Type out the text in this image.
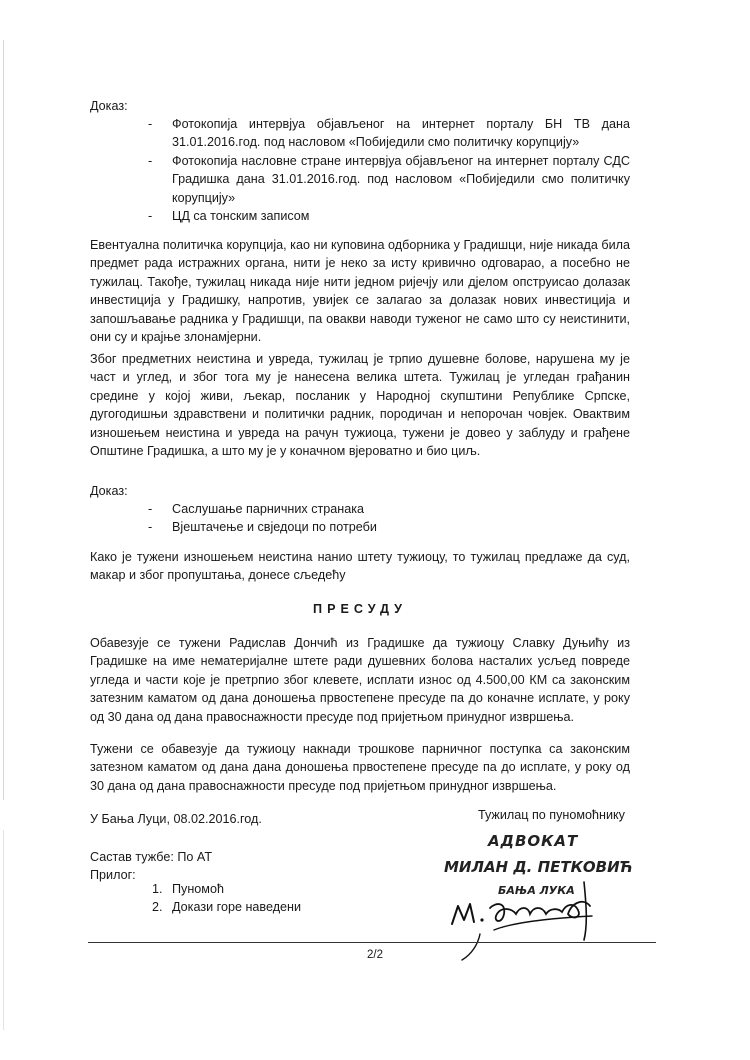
Доказ:
- Фотокопија интервјуа објављеног на интернет порталу БН ТВ дана 31.01.2016.год. под насловом «Побиједили смо политичку корупцију»
- Фотокопија насловне стране интервјуа објављеног на интернет порталу СДС Градишка дана 31.01.2016.год. под насловом «Побиједили смо политичку корупцију»
- ЦД са тонским записом
Евентуална политичка корупција, као ни куповина одборника у Градишци, није никада била предмет рада истражних органа, нити је неко за исту кривично одговарао, а посебно не тужилац. Такође, тужилац никада није нити једном ријечју или дјелом опструисао долазак инвестиција у Градишку, напротив, увијек се залагао за долазак нових инвестиција и запошљавање радника у Градишци, па овакви наводи туженог не само што су неистинити, они су и крајње злонамјерни.
Због предметних неистина и увреда, тужилац је трпио душевне болове, нарушена му је част и углед, и због тога му је нанесена велика штета. Тужилац је угледан грађанин средине у којој живи, љекар, посланик у Народној скупштини Републике Српске, дугогодишњи здравствени и политички радник, породичан и непорочан човјек. Овактвим изношењем неистина и увреда на рачун тужиоца, тужени је довео у заблуду и грађене Општине Градишка, а што му је у коначном вјероватно и био циљ.
Доказ:
- Саслушање парничних странака
- Вјештачење и свједоци по потреби
Како је тужени изношењем неистина нанио штету тужиоцу, то тужилац предлаже да суд, макар и због пропуштања, донесе сљедећу
ПРЕСУДУ
Обавезује се тужени Радислав Дончић из Градишке да тужиоцу Славку Дуњићу из Градишке на име нематеријалне штете ради душевних болова насталих усљед повреде угледа и части које је претрпио због клевете, исплати износ од 4.500,00 КМ са законским затезним каматом од дана доношења првостепене пресуде па до коначне исплате, у року од 30 дана од дана правоснажности пресуде под пријетњом принудног извршења.
Тужени се обавезује да тужиоцу накнади трошкове парничног поступка са законским затезном каматом од дана дана доношења првостепене пресуде па до исплате, у року од 30 дана од дана правоснажности пресуде под пријетњом принудног извршења.
У Бања Луци, 08.02.2016.год.	Тужилац по пуномоћнику
Састав тужбе: По АТ
Прилог:
1. Пуномоћ
2. Докази горе наведени
АДВОКАТ
МИЛАН Д. ПЕТКОВИЋ
БАЊА ЛУКА
2/2
